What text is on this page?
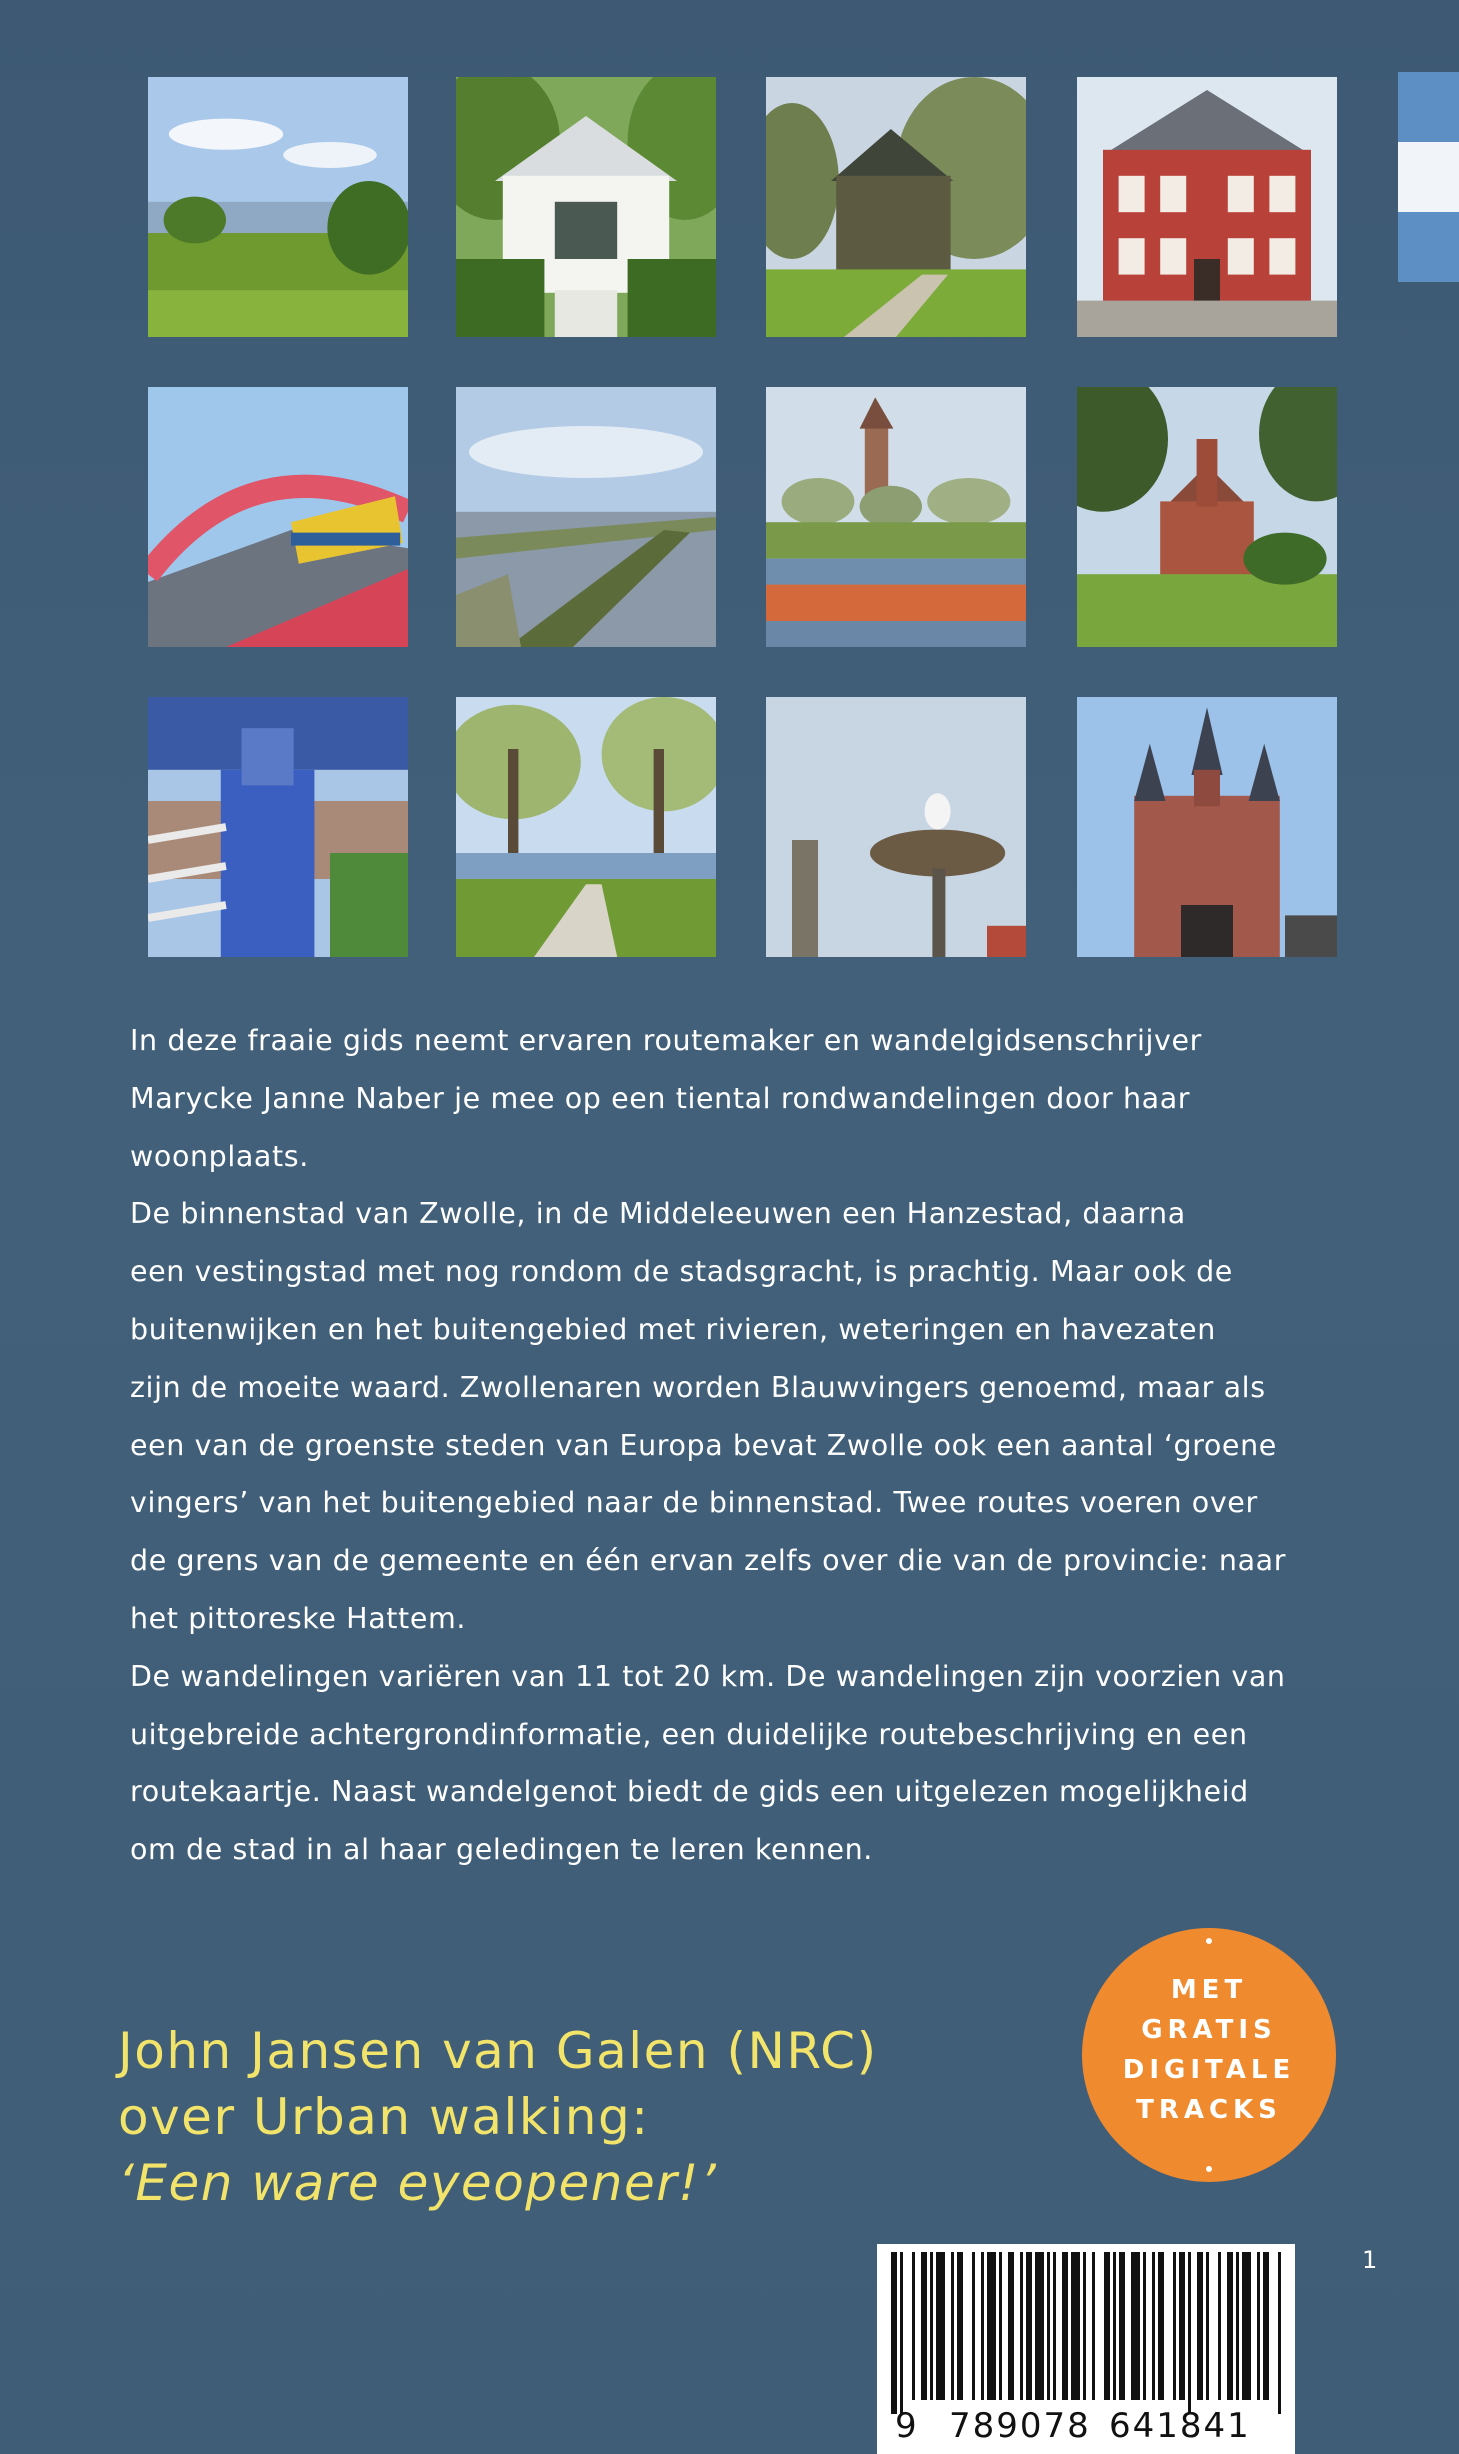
In deze fraaie gids neemt ervaren routemaker en wandelgidsenschrijver
Marycke Janne Naber je mee op een tiental rondwandelingen door haar
woonplaats.

De binnenstad van Zwolle, in de Middeleeuwen een Hanzestad, daarna
een vestingstad met nog rondom de stadsgracht, is prachtig. Maar ook de
buitenwijken en het buitengebied met rivieren, weteringen en havezaten
zijn de moeite waard. Zwollenaren worden Blauwvingers genoemd, maar als
een van de groenste steden van Europa bevat Zwolle ook een aantal ‘groene
vingers’ van het buitengebied naar de binnenstad. Twee routes voeren over
de grens van de gemeente en één ervan zelfs over die van de provincie: naar
het pittoreske Hattem.

De wandelingen variëren van 11 tot 20 km. De wandelingen zijn voorzien van
uitgebreide achtergrondinformatie, een duidelijke routebeschrijving en een
routekaartje. Naast wandelgenot biedt de gids een uitgelezen mogelijkheid
om de stad in al haar geledingen te leren kennen.

John Jansen van Galen (NRC)
over Urban walking:
‘Een ware eyeopener!’
MET
GRATIS
DIGITALE
TRACKS
9 789078 641841
1
